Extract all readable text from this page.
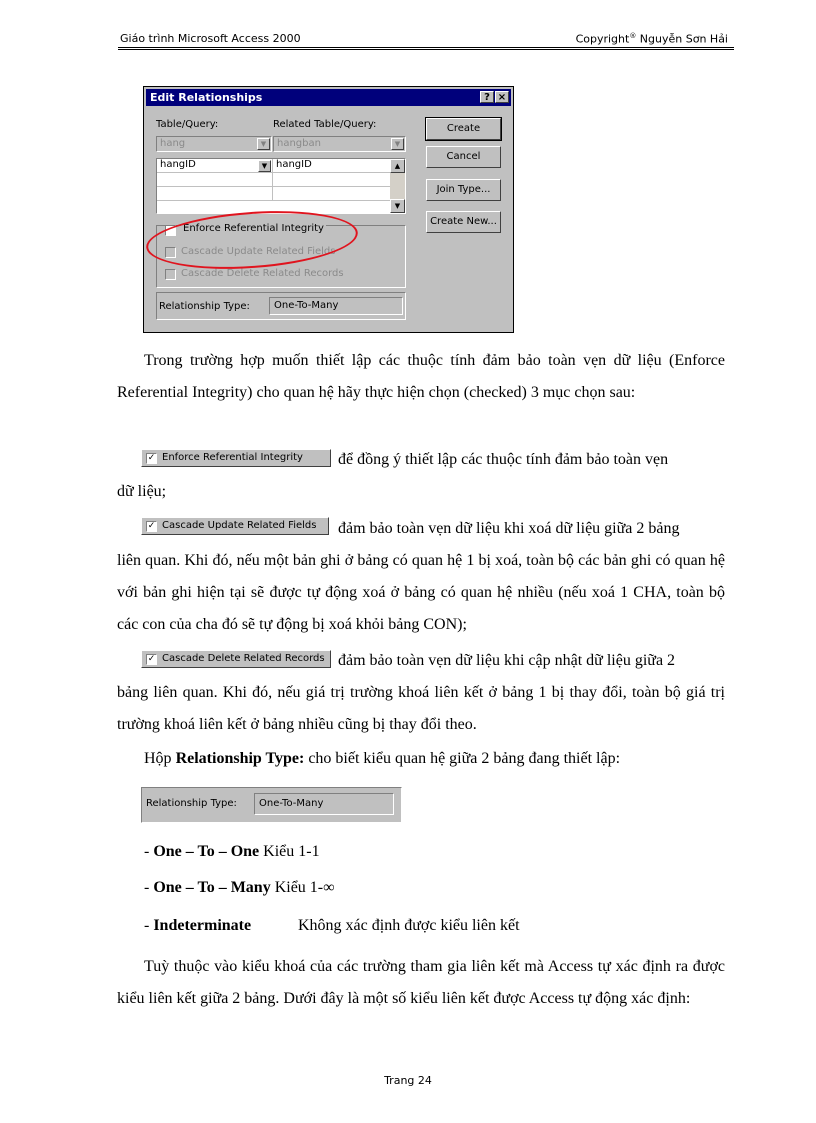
Giáo trình Microsoft Access 2000	Copyright® Nguyễn Sơn Hải
Edit Relationships	? ×
Table/Query:	Related Table/Query:
hang	▼	hangban	▼
hangID	▼ hangID	▲
▼
Create
Cancel
Join Type...
Create New...
Enforce Referential Integrity
Cascade Update Related Fields
Cascade Delete Related Records
Relationship Type: One-To-Many

Trong trường hợp muốn thiết lập các thuộc tính đảm bảo toàn vẹn dữ liệu (Enforce Referential Integrity) cho quan hệ hãy thực hiện chọn (checked) 3 mục chọn sau:

✓ Enforce Referential Integrity để đồng ý thiết lập các thuộc tính đảm bảo toàn vẹn
dữ liệu;
✓ Cascade Update Related Fields đảm bảo toàn vẹn dữ liệu khi xoá dữ liệu giữa 2 bảng

liên quan. Khi đó, nếu một bản ghi ở bảng có quan hệ 1 bị xoá, toàn bộ các bản ghi có quan hệ với bản ghi hiện tại sẽ được tự động xoá ở bảng có quan hệ nhiều (nếu xoá 1 CHA, toàn bộ các con của cha đó sẽ tự động bị xoá khỏi bảng CON);

✓ Cascade Delete Related Records đảm bảo toàn vẹn dữ liệu khi cập nhật dữ liệu giữa 2

bảng liên quan. Khi đó, nếu giá trị trường khoá liên kết ở bảng 1 bị thay đổi, toàn bộ giá trị trường khoá liên kết ở bảng nhiều cũng bị thay đổi theo.

Hộp Relationship Type: cho biết kiểu quan hệ giữa 2 bảng đang thiết lập:

Relationship Type: One-To-Many
- One – To – One Kiểu 1-1
- One – To – Many Kiểu 1-∞
- Indeterminate	Không xác định được kiểu liên kết

Tuỳ thuộc vào kiểu khoá của các trường tham gia liên kết mà Access tự xác định ra được kiểu liên kết giữa 2 bảng. Dưới đây là một số kiểu liên kết được Access tự động xác định:

Trang 24
